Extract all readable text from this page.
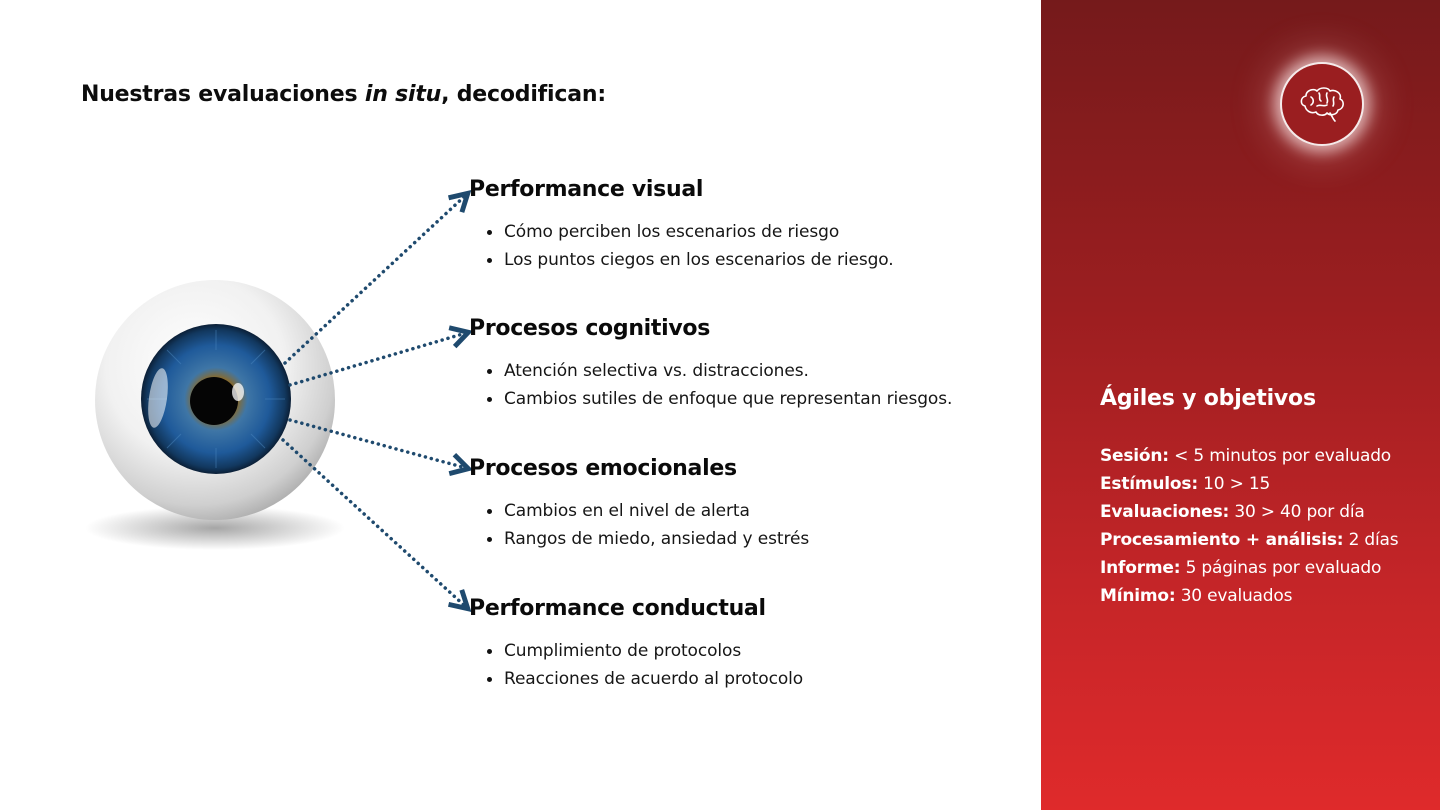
Nuestras evaluaciones in situ, decodifican:
Performance visual
Cómo perciben los escenarios de riesgo
Los puntos ciegos en los escenarios de riesgo.
Procesos cognitivos
Atención selectiva vs. distracciones.
Cambios sutiles de enfoque que representan riesgos.
Procesos emocionales
Cambios en el nivel de alerta
Rangos de miedo, ansiedad y estrés
Performance conductual
Cumplimiento de protocolos
Reacciones de acuerdo al protocolo
Ágiles y objetivos
Sesión: < 5 minutos por evaluado
Estímulos: 10 > 15
Evaluaciones: 30 > 40 por día
Procesamiento + análisis: 2 días
Informe: 5 páginas por evaluado
Mínimo: 30 evaluados
